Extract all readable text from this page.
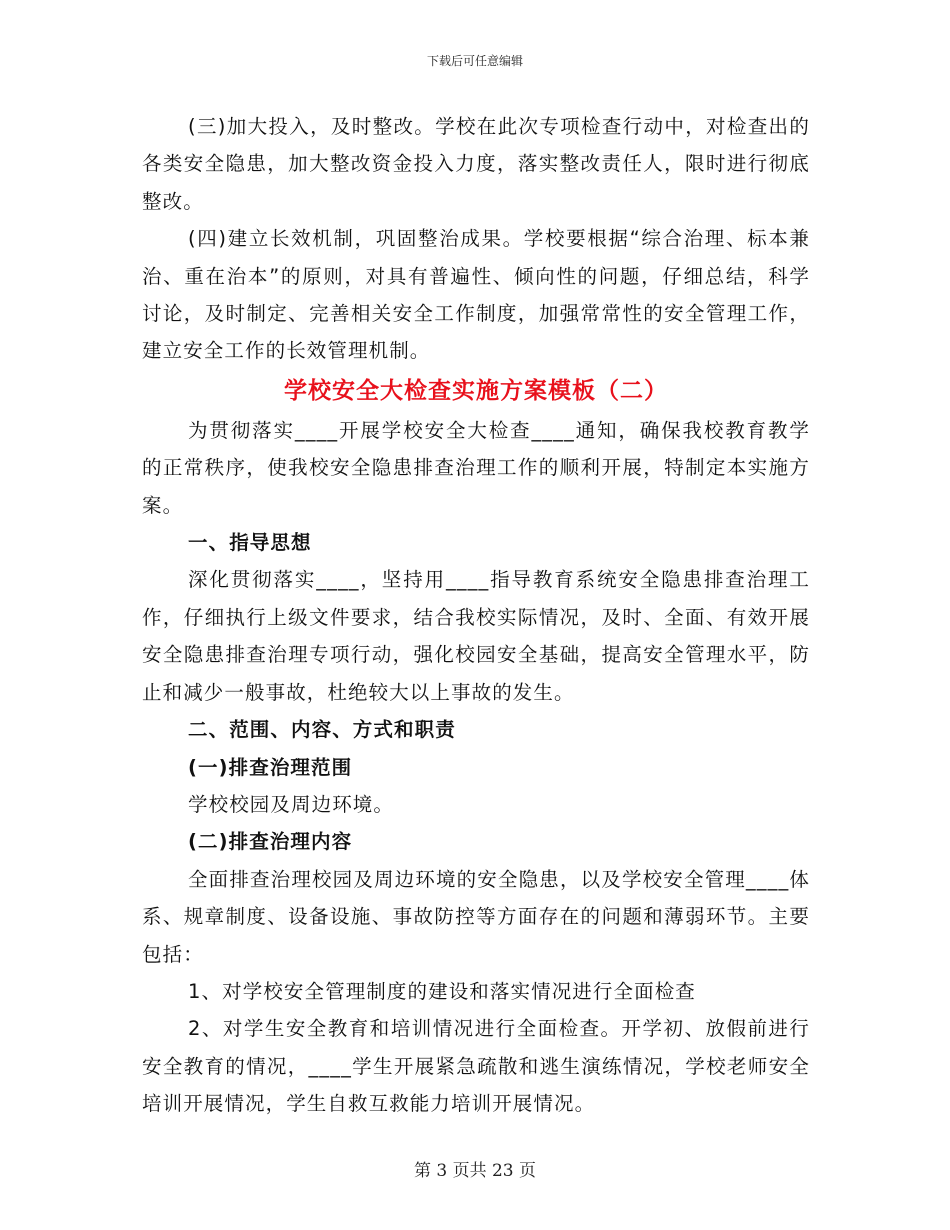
下载后可任意编辑

(三)加大投入，及时整改。学校在此次专项检查行动中，对检查出的各类安全隐患，加大整改资金投入力度，落实整改责任人，限时进行彻底整改。

(四)建立长效机制，巩固整治成果。学校要根据“综合治理、标本兼治、重在治本”的原则，对具有普遍性、倾向性的问题，仔细总结，科学讨论，及时制定、完善相关安全工作制度，加强常常性的安全管理工作，建立安全工作的长效管理机制。

学校安全大检查实施方案模板（二）

为贯彻落实____开展学校安全大检查____通知，确保我校教育教学的正常秩序，使我校安全隐患排查治理工作的顺利开展，特制定本实施方案。

一、指导思想

深化贯彻落实____，坚持用____指导教育系统安全隐患排查治理工作，仔细执行上级文件要求，结合我校实际情况，及时、全面、有效开展安全隐患排查治理专项行动，强化校园安全基础，提高安全管理水平，防止和减少一般事故，杜绝较大以上事故的发生。

二、范围、内容、方式和职责

(一)排查治理范围

学校校园及周边环境。

(二)排查治理内容

全面排查治理校园及周边环境的安全隐患，以及学校安全管理____体系、规章制度、设备设施、事故防控等方面存在的问题和薄弱环节。主要包括：

1、对学校安全管理制度的建设和落实情况进行全面检查

2、对学生安全教育和培训情况进行全面检查。开学初、放假前进行安全教育的情况，____学生开展紧急疏散和逃生演练情况，学校老师安全培训开展情况，学生自救互救能力培训开展情况。

第 3 页共 23 页
